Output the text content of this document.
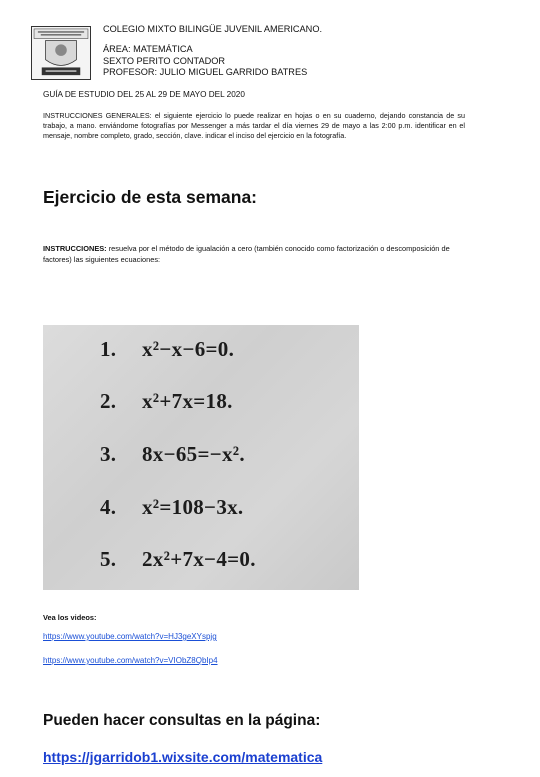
COLEGIO MIXTO BILINGÜE JUVENIL AMERICANO.
ÁREA: MATEMÁTICA
SEXTO PERITO CONTADOR
PROFESOR: JULIO MIGUEL GARRIDO BATRES
GUÍA DE ESTUDIO DEL 25 AL 29 DE MAYO DEL 2020

INSTRUCCIONES GENERALES: el siguiente ejercicio lo puede realizar en hojas o en su cuaderno, dejando constancia de su trabajo, a mano. enviándome fotografías por Messenger a más tardar el día viernes 29 de mayo a las 2:00 p.m. identificar en el mensaje, nombre completo, grado, sección, clave. indicar el inciso del ejercicio en la fotografía.

Ejercicio de esta semana:

INSTRUCCIONES: resuelva por el método de igualación a cero (también conocido como factorización o descomposición de factores) las siguientes ecuaciones:

1. x²−x−6=0.
2. x²+7x=18.
3. 8x−65=−x².
4. x²=108−3x.
5. 2x²+7x−4=0.
Vea los videos:
https://www.youtube.com/watch?v=HJ3geXYspjg
https://www.youtube.com/watch?v=VIObZ8QbIp4
Pueden hacer consultas en la página:
https://jgarridob1.wixsite.com/matematica
